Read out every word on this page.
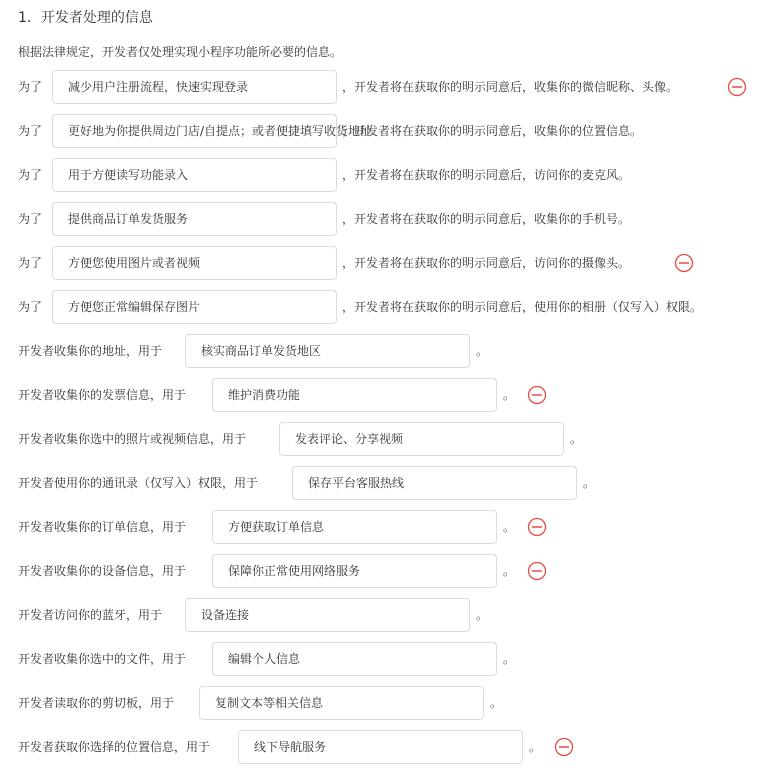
1．开发者处理的信息
根据法律规定，开发者仅处理实现小程序功能所必要的信息。
为了	减少用户注册流程，快速实现登录	，开发者将在获取你的明示同意后，收集你的微信昵称、头像。
为了	更好地为你提供周边门店/自提点；或者便捷填写收货地址
，开发者将在获取你的明示同意后，收集你的位置信息。
为了	用于方便读写功能录入	，开发者将在获取你的明示同意后，访问你的麦克风。
为了	提供商品订单发货服务	，开发者将在获取你的明示同意后，收集你的手机号。
为了	方便您使用图片或者视频	，开发者将在获取你的明示同意后，访问你的摄像头。
为了	方便您正常编辑保存图片	，开发者将在获取你的明示同意后，使用你的相册（仅写入）权限。
开发者收集你的地址，用于	核实商品订单发货地区	。
开发者收集你的发票信息，用于	维护消费功能	。
开发者收集你选中的照片或视频信息，用于	发表评论、分享视频	。
开发者使用你的通讯录（仅写入）权限，用于	保存平台客服热线	。
开发者收集你的订单信息，用于	方便获取订单信息	。
开发者收集你的设备信息，用于	保障你正常使用网络服务	。
开发者访问你的蓝牙，用于	设备连接	。
开发者收集你选中的文件，用于	编辑个人信息	。
开发者读取你的剪切板，用于	复制文本等相关信息	。
开发者获取你选择的位置信息，用于	线下导航服务	。
